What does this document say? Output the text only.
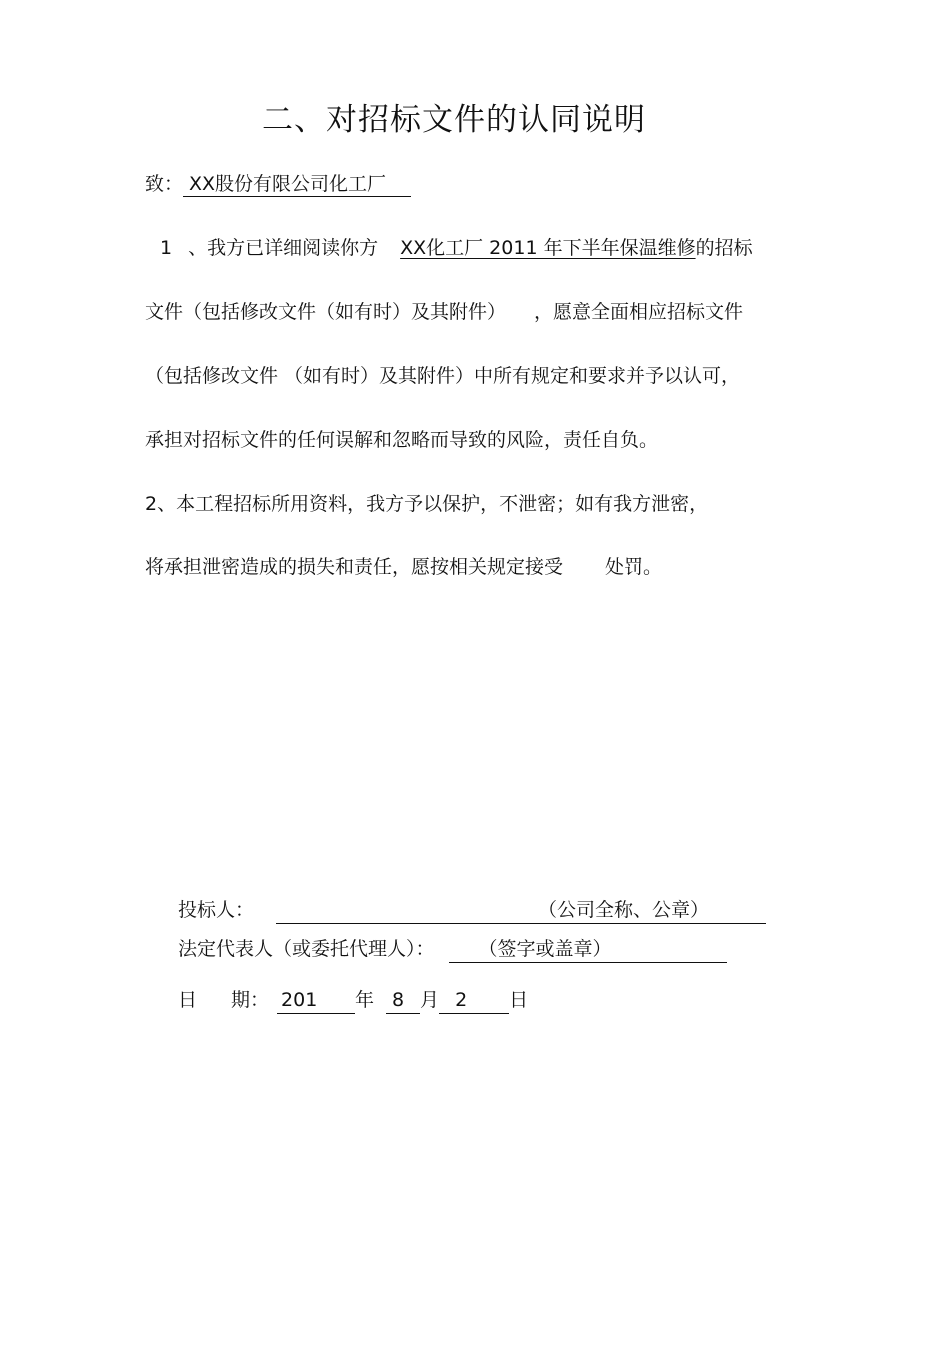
二、对招标文件的认同说明
致： XX股份有限公司化工厂
1 、我方已详细阅读你方 XX化工厂 2011 年下半年保温维修的招标
文件（包括修改文件（如有时）及其附件） ，愿意全面相应招标文件
（包括修改文件 （如有时）及其附件）中所有规定和要求并予以认可，
承担对招标文件的任何误解和忽略而导致的风险，责任自负。
2、本工程招标所用资料，我方予以保护，不泄密；如有我方泄密，
将承担泄密造成的损失和责任，愿按相关规定接受 处罚。
投标人：	（公司全称、公章）
法定代表人（或委托代理人）： （签字或盖章）
日 期： 201 年 8 月 2 日
